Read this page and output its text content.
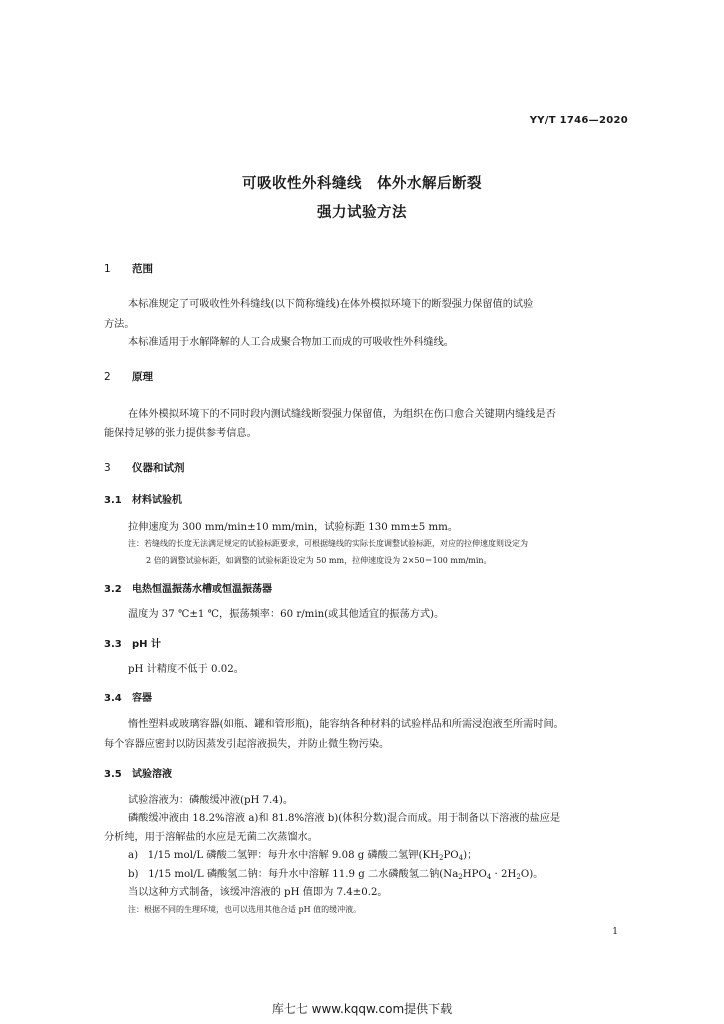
YY/T 1746—2020
可吸收性外科缝线　体外水解后断裂
强力试验方法
1 范围
本标准规定了可吸收性外科缝线(以下简称缝线)在体外模拟环境下的断裂强力保留值的试验
方法。
本标准适用于水解降解的人工合成聚合物加工而成的可吸收性外科缝线。
2 原理
在体外模拟环境下的不同时段内测试缝线断裂强力保留值，为组织在伤口愈合关键期内缝线是否
能保持足够的张力提供参考信息。
3 仪器和试剂
3.1 材料试验机
拉伸速度为 300 mm/min±10 mm/min，试验标距 130 mm±5 mm。
注：若缝线的长度无法满足规定的试验标距要求，可根据缝线的实际长度调整试验标距，对应的拉伸速度则设定为
2 倍的调整试验标距，如调整的试验标距设定为 50 mm，拉伸速度设为 2×50＝100 mm/min。
3.2 电热恒温振荡水槽或恒温振荡器
温度为 37 ℃±1 ℃，振荡频率：60 r/min(或其他适宜的振荡方式)。
3.3 pH 计
pH 计精度不低于 0.02。
3.4 容器
惰性塑料或玻璃容器(如瓶、罐和管形瓶)，能容纳各种材料的试验样品和所需浸泡液至所需时间。
每个容器应密封以防因蒸发引起溶液损失，并防止微生物污染。
3.5 试验溶液
试验溶液为：磷酸缓冲液(pH 7.4)。
磷酸缓冲液由 18.2%溶液 a)和 81.8%溶液 b)(体积分数)混合而成。用于制备以下溶液的盐应是
分析纯，用于溶解盐的水应是无菌二次蒸馏水。
a) 1/15 mol/L 磷酸二氢钾：每升水中溶解 9.08 g 磷酸二氢钾$(KH_2PO_4)$；
b) 1/15 mol/L 磷酸氢二钠：每升水中溶解 11.9 g 二水磷酸氢二钠$(Na_2HPO_4 \cdot 2H_2O)$。
当以这种方式制备，该缓冲溶液的 pH 值即为 7.4±0.2。
注：根据不同的生理环境，也可以选用其他合适 pH 值的缓冲液。
1
库七七 www.kqqw.com提供下载
